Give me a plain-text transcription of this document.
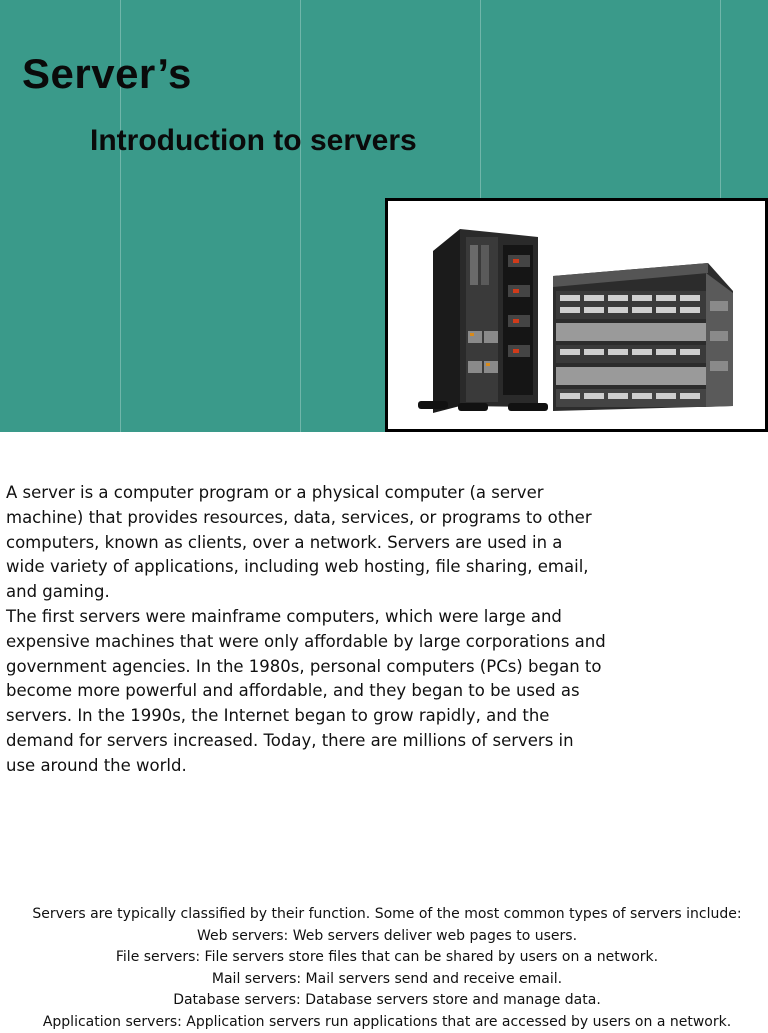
Server’s
Introduction to servers

A server is a computer program or a physical computer (a server machine) that provides resources, data, services, or programs to other computers, known as clients, over a network. Servers are used in a wide variety of applications, including web hosting, file sharing, email, and gaming.

The first servers were mainframe computers, which were large and expensive machines that were only affordable by large corporations and government agencies. In the 1980s, personal computers (PCs) began to become more powerful and affordable, and they began to be used as servers. In the 1990s, the Internet began to grow rapidly, and the demand for servers increased. Today, there are millions of servers in use around the world.

Servers are typically classified by their function. Some of the most common types of servers include:
Web servers: Web servers deliver web pages to users.
File servers: File servers store files that can be shared by users on a network.
Mail servers: Mail servers send and receive email.
Database servers: Database servers store and manage data.
Application servers: Application servers run applications that are accessed by users on a network.
